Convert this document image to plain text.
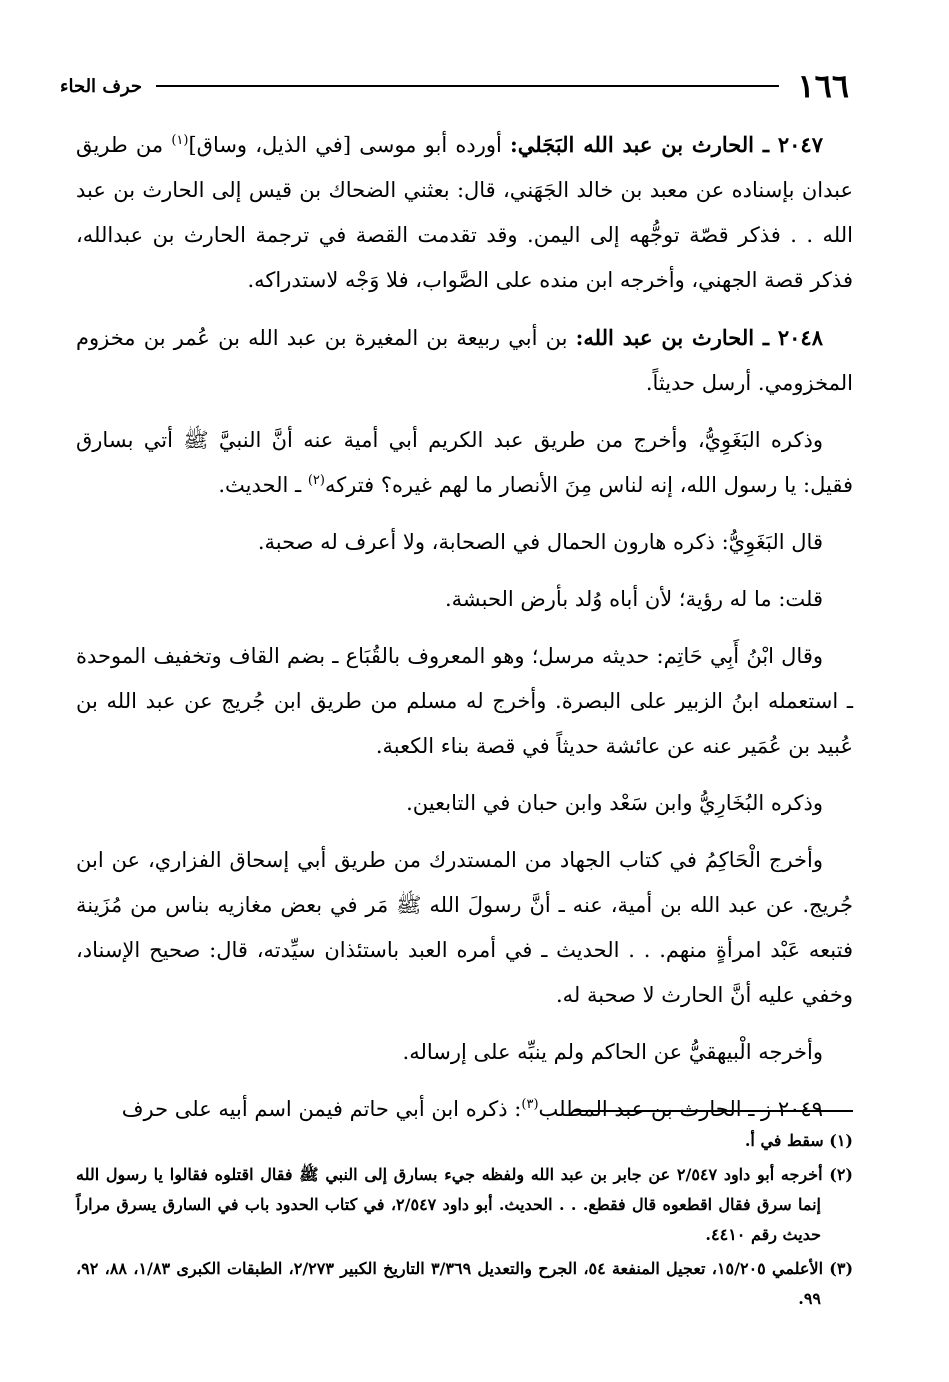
١٦٦
حرف الحاء

٢٠٤٧ ـ الحارث بن عبد الله البَجَلي: أورده أبو موسى [في الذيل، وساق]$^{(١)}$ من طريق عبدان بإسناده عن معبد بن خالد الجَهَني، قال: بعثني الضحاك بن قيس إلى الحارث بن عبد الله . . فذكر قصّة توجُّهه إلى اليمن. وقد تقدمت القصة في ترجمة الحارث بن عبدالله، فذكر قصة الجهني، وأخرجه ابن منده على الصَّواب، فلا وَجْه لاستدراكه.

٢٠٤٨ ـ الحارث بن عبد الله: بن أبي ربيعة بن المغيرة بن عبد الله بن عُمر بن مخزوم المخزومي. أرسل حديثاً.

وذكره البَغَوِيُّ، وأخرج من طريق عبد الكريم أبي أمية عنه أنَّ النبيَّ ﷺ أتي بسارق فقيل: يا رسول الله، إنه لناس مِنَ الأنصار ما لهم غيره؟ فتركه$^{(٢)}$ ـ الحديث.

قال البَغَوِيُّ: ذكره هارون الحمال في الصحابة، ولا أعرف له صحبة.

قلت: ما له رؤية؛ لأن أباه وُلد بأرض الحبشة.

وقال ابْنُ أَبِي حَاتِم: حديثه مرسل؛ وهو المعروف بالقُبَاع ـ بضم القاف وتخفيف الموحدة ـ استعمله ابنُ الزبير على البصرة. وأخرج له مسلم من طريق ابن جُريج عن عبد الله بن عُبيد بن عُمَير عنه عن عائشة حديثاً في قصة بناء الكعبة.

وذكره البُخَارِيُّ وابن سَعْد وابن حبان في التابعين.

وأخرج الْحَاكِمُ في كتاب الجهاد من المستدرك من طريق أبي إسحاق الفزاري، عن ابن جُريج. عن عبد الله بن أمية، عنه ـ أنَّ رسولَ الله ﷺ مَر في بعض مغازيه بناس من مُزَينة فتبعه عَبْد امرأةٍ منهم. . . الحديث ـ في أمره العبد باستئذان سيِّدته، قال: صحيح الإسناد، وخفي عليه أنَّ الحارث لا صحبة له.

وأخرجه الْبيهقيُّ عن الحاكم ولم ينبِّه على إرساله.

٢٠٤٩ ز ـ الحارث بن عبد المطلب$^{(٣)}$: ذكره ابن أبي حاتم فيمن اسم أبيه على حرف

(١) سقط في أ.

(٢) أخرجه أبو داود ٢/٥٤٧ عن جابر بن عبد الله ولفظه جيء بسارق إلى النبي ﷺ فقال اقتلوه فقالوا يا رسول الله إنما سرق فقال اقطعوه قال فقطع. . . الحديث. أبو داود ٢/٥٤٧، في كتاب الحدود باب في السارق يسرق مراراً حديث رقم ٤٤١٠.

(٣) الأعلمي ١٥/٢٠٥، تعجيل المنفعة ٥٤، الجرح والتعديل ٣/٣٦٩ التاريخ الكبير ٢/٢٧٣، الطبقات الكبرى ١/٨٣، ٨٨، ٩٢، ٩٩.
